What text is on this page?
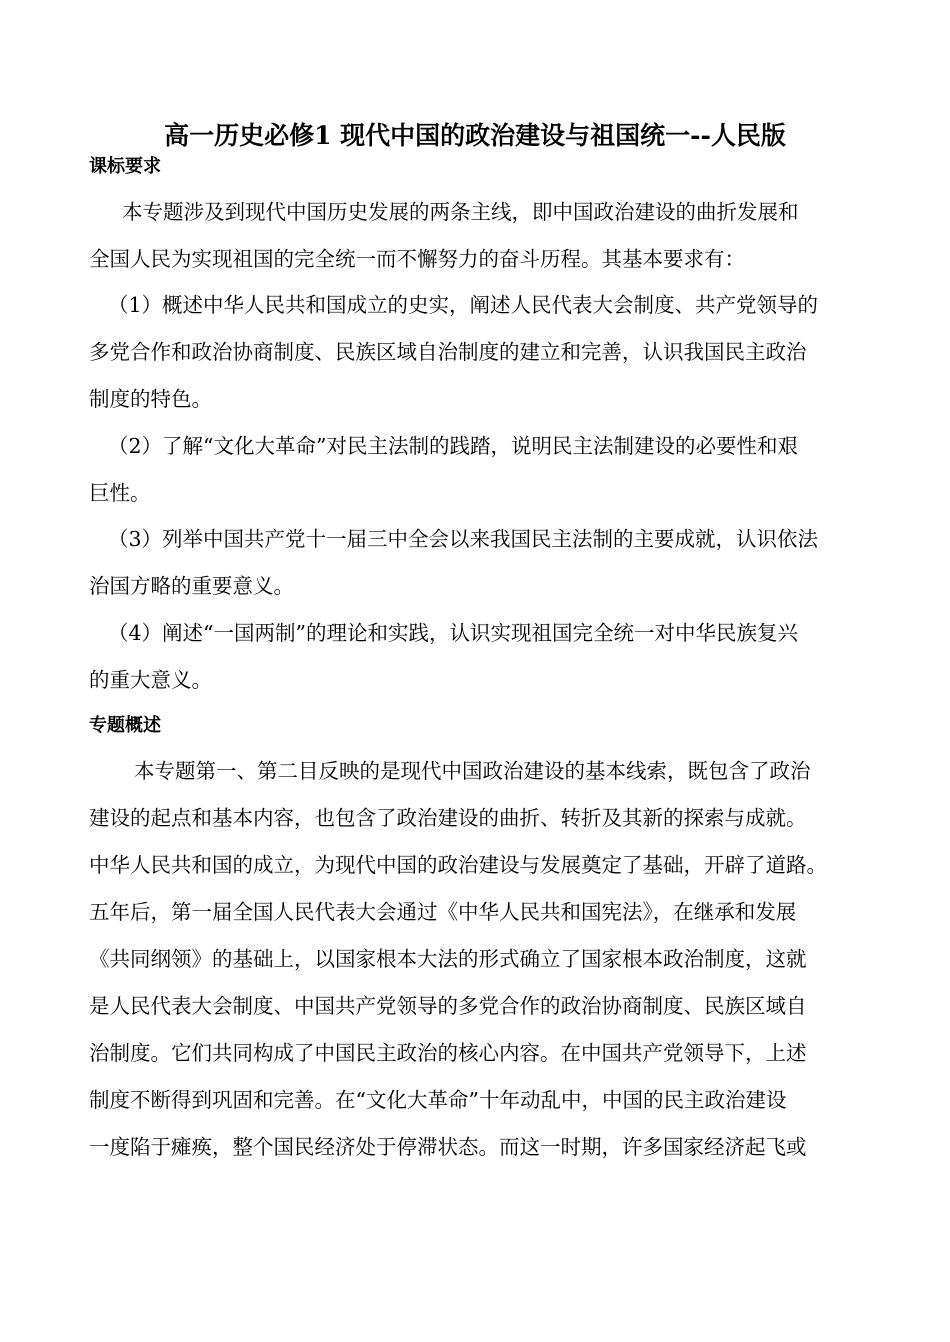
高一历史必修1 现代中国的政治建设与祖国统一--人民版
课标要求
本专题涉及到现代中国历史发展的两条主线，即中国政治建设的曲折发展和
全国人民为实现祖国的完全统一而不懈努力的奋斗历程。其基本要求有：
（1）概述中华人民共和国成立的史实，阐述人民代表大会制度、共产党领导的
多党合作和政治协商制度、民族区域自治制度的建立和完善，认识我国民主政治
制度的特色。
（2）了解“文化大革命”对民主法制的践踏，说明民主法制建设的必要性和艰
巨性。
（3）列举中国共产党十一届三中全会以来我国民主法制的主要成就，认识依法
治国方略的重要意义。
（4）阐述“一国两制”的理论和实践，认识实现祖国完全统一对中华民族复兴
的重大意义。
专题概述
本专题第一、第二目反映的是现代中国政治建设的基本线索，既包含了政治
建设的起点和基本内容，也包含了政治建设的曲折、转折及其新的探索与成就。
中华人民共和国的成立，为现代中国的政治建设与发展奠定了基础，开辟了道路。
五年后，第一届全国人民代表大会通过《中华人民共和国宪法》，在继承和发展
《共同纲领》的基础上，以国家根本大法的形式确立了国家根本政治制度，这就
是人民代表大会制度、中国共产党领导的多党合作的政治协商制度、民族区域自
治制度。它们共同构成了中国民主政治的核心内容。在中国共产党领导下，上述
制度不断得到巩固和完善。在“文化大革命”十年动乱中，中国的民主政治建设
一度陷于瘫痪，整个国民经济处于停滞状态。而这一时期，许多国家经济起飞或
